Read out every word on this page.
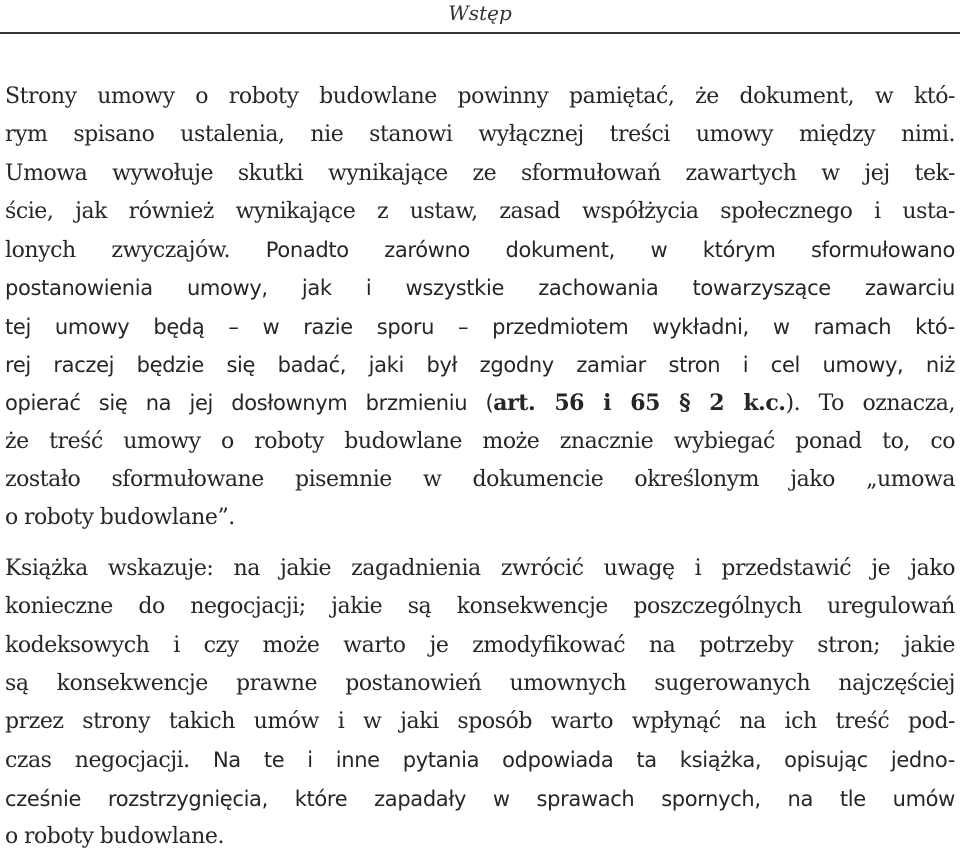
Wstęp
Strony umowy o roboty budowlane powinny pamiętać, że dokument, w któ-
rym spisano ustalenia, nie stanowi wyłącznej treści umowy między nimi.
Umowa wywołuje skutki wynikające ze sformułowań zawartych w jej tek-
ście, jak również wynikające z ustaw, zasad współżycia społecznego i usta-
lonych zwyczajów. Ponadto zarówno dokument, w którym sformułowano
postanowienia umowy, jak i wszystkie zachowania towarzyszące zawarciu
tej umowy będą – w razie sporu – przedmiotem wykładni, w ramach któ-
rej raczej będzie się badać, jaki był zgodny zamiar stron i cel umowy, niż
opierać się na jej dosłownym brzmieniu (art. 56 i 65 § 2 k.c.). To oznacza,
że treść umowy o roboty budowlane może znacznie wybiegać ponad to, co
zostało sformułowane pisemnie w dokumencie określonym jako „umowa
o roboty budowlane”.
Książka wskazuje: na jakie zagadnienia zwrócić uwagę i przedstawić je jako
konieczne do negocjacji; jakie są konsekwencje poszczególnych uregulowań
kodeksowych i czy może warto je zmodyfikować na potrzeby stron; jakie
są konsekwencje prawne postanowień umownych sugerowanych najczęściej
przez strony takich umów i w jaki sposób warto wpłynąć na ich treść pod-
czas negocjacji. Na te i inne pytania odpowiada ta książka, opisując jedno-
cześnie rozstrzygnięcia, które zapadały w sprawach spornych, na tle umów
o roboty budowlane.
